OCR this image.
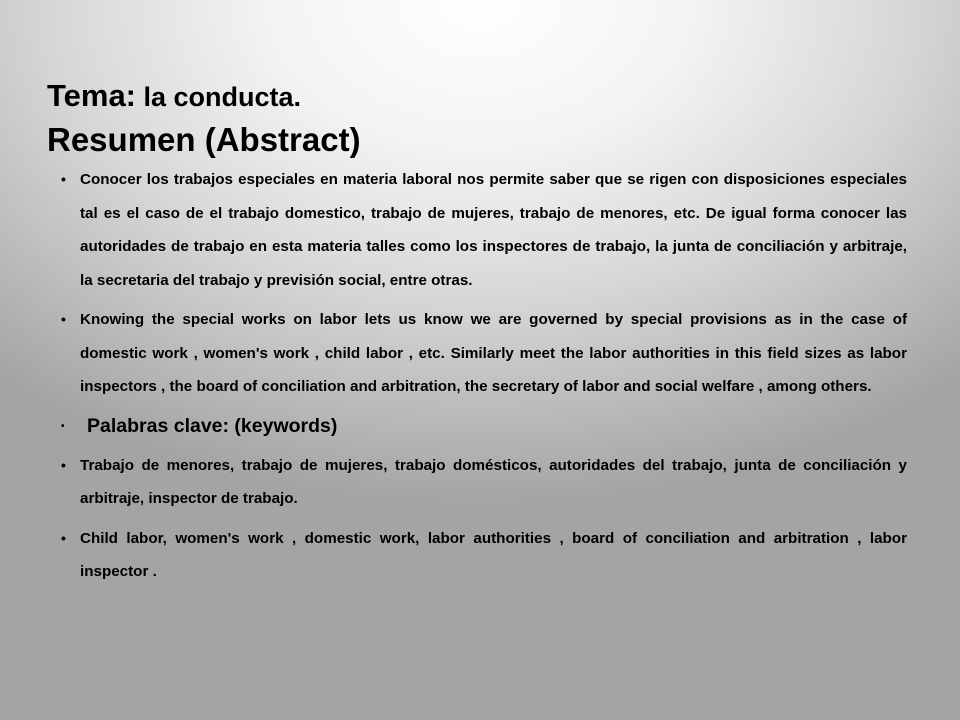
Tema: la conducta.

Resumen (Abstract)

• Conocer los trabajos especiales en materia laboral nos permite saber que se rigen con disposiciones especiales tal es el caso de el trabajo domestico, trabajo de mujeres, trabajo de menores, etc. De igual forma conocer las autoridades de trabajo en esta materia talles como los inspectores de trabajo, la junta de conciliación y arbitraje, la secretaria del trabajo y previsión social, entre otras.
• Knowing the special works on labor lets us know we are governed by special provisions as in the case of domestic work , women's work , child labor , etc. Similarly meet the labor authorities in this field sizes as labor inspectors , the board of conciliation and arbitration, the secretary of labor and social welfare , among others.
•	Palabras clave: (keywords)
• Trabajo de menores, trabajo de mujeres, trabajo domésticos, autoridades del trabajo, junta de conciliación y arbitraje, inspector de trabajo.
• Child labor, women's work , domestic work, labor authorities , board of conciliation and arbitration , labor inspector .
